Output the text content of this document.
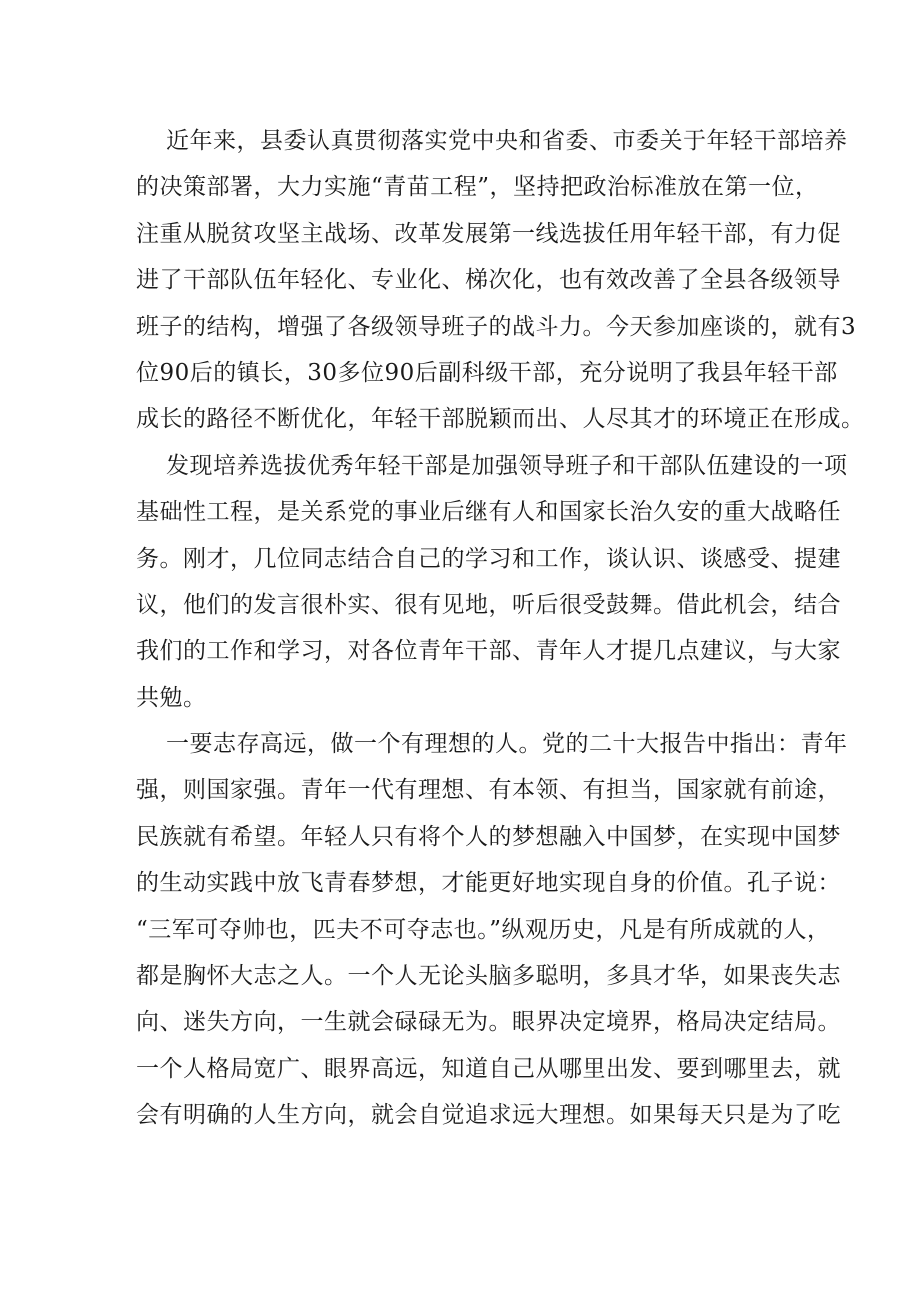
近年来，县委认真贯彻落实党中央和省委、市委关于年轻干部培养
的决策部署，大力实施“青苗工程”，坚持把政治标准放在第一位，
注重从脱贫攻坚主战场、改革发展第一线选拔任用年轻干部，有力促
进了干部队伍年轻化、专业化、梯次化，也有效改善了全县各级领导
班子的结构，增强了各级领导班子的战斗力。今天参加座谈的，就有3
位90后的镇长，30多位90后副科级干部，充分说明了我县年轻干部
成长的路径不断优化，年轻干部脱颖而出、人尽其才的环境正在形成。
发现培养选拔优秀年轻干部是加强领导班子和干部队伍建设的一项
基础性工程，是关系党的事业后继有人和国家长治久安的重大战略任
务。刚才，几位同志结合自己的学习和工作，谈认识、谈感受、提建
议，他们的发言很朴实、很有见地，听后很受鼓舞。借此机会，结合
我们的工作和学习，对各位青年干部、青年人才提几点建议，与大家
共勉。
一要志存高远，做一个有理想的人。党的二十大报告中指出：青年
强，则国家强。青年一代有理想、有本领、有担当，国家就有前途，
民族就有希望。年轻人只有将个人的梦想融入中国梦，在实现中国梦
的生动实践中放飞青春梦想，才能更好地实现自身的价值。孔子说：
“三军可夺帅也，匹夫不可夺志也。”纵观历史，凡是有所成就的人，
都是胸怀大志之人。一个人无论头脑多聪明，多具才华，如果丧失志
向、迷失方向，一生就会碌碌无为。眼界决定境界，格局决定结局。
一个人格局宽广、眼界高远，知道自己从哪里出发、要到哪里去，就
会有明确的人生方向，就会自觉追求远大理想。如果每天只是为了吃
